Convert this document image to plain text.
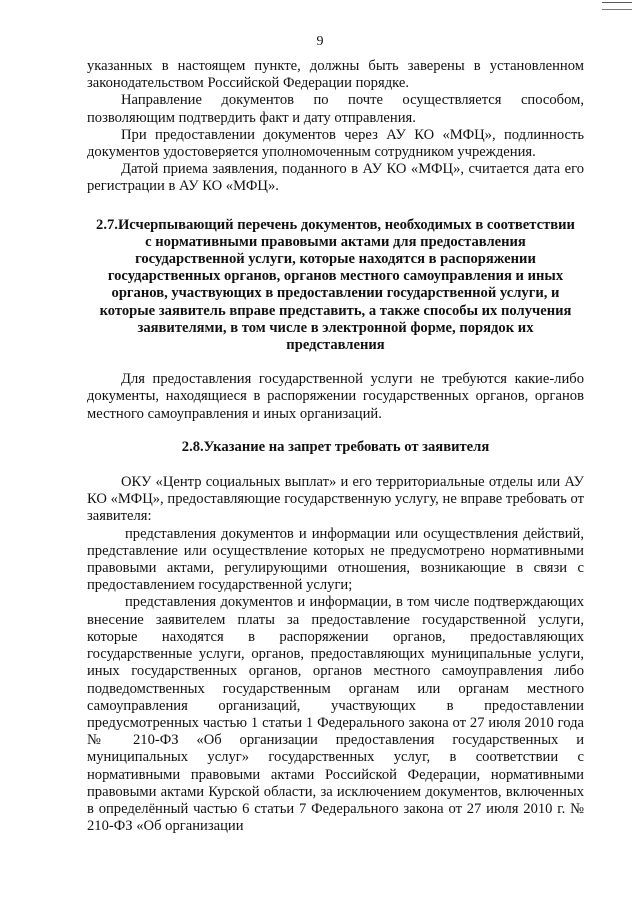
9

указанных в настоящем пункте, должны быть заверены в установленном законодательством Российской Федерации порядке.

Направление документов по почте осуществляется способом, позволяющим подтвердить факт и дату отправления.

При предоставлении документов через АУ КО «МФЦ», подлинность документов удостоверяется уполномоченным сотрудником учреждения.

Датой приема заявления, поданного в АУ КО «МФЦ», считается дата его регистрации в АУ КО «МФЦ».

2.7.Исчерпывающий перечень документов, необходимых в соответствии с нормативными правовыми актами для предоставления государственной услуги, которые находятся в распоряжении государственных органов, органов местного самоуправления и иных органов, участвующих в предоставлении государственной услуги, и которые заявитель вправе представить, а также способы их получения заявителями, в том числе в электронной форме, порядок их представления

Для предоставления государственной услуги не требуются какие-либо документы, находящиеся в распоряжении государственных органов, органов местного самоуправления и иных организаций.

2.8.Указание на запрет требовать от заявителя

ОКУ «Центр социальных выплат» и его территориальные отделы или АУ КО «МФЦ», предоставляющие государственную услугу, не вправе требовать от заявителя:

представления документов и информации или осуществления действий, представление или осуществление которых не предусмотрено нормативными правовыми актами, регулирующими отношения, возникающие в связи с предоставлением государственной услуги;

представления документов и информации, в том числе подтверждающих внесение заявителем платы за предоставление государственной услуги, которые находятся в распоряжении органов, предоставляющих государственные услуги, органов, предоставляющих муниципальные услуги, иных государственных органов, органов местного самоуправления либо подведомственных государственным органам или органам местного самоуправления организаций, участвующих в предоставлении предусмотренных частью 1 статьи 1 Федерального закона от 27 июля 2010 года № 210-ФЗ «Об организации предоставления государственных и муниципальных услуг» государственных услуг, в соответствии с нормативными правовыми актами Российской Федерации, нормативными правовыми актами Курской области, за исключением документов, включенных в определённый частью 6 статьи 7 Федерального закона от 27 июля 2010 г. № 210-ФЗ «Об организации
